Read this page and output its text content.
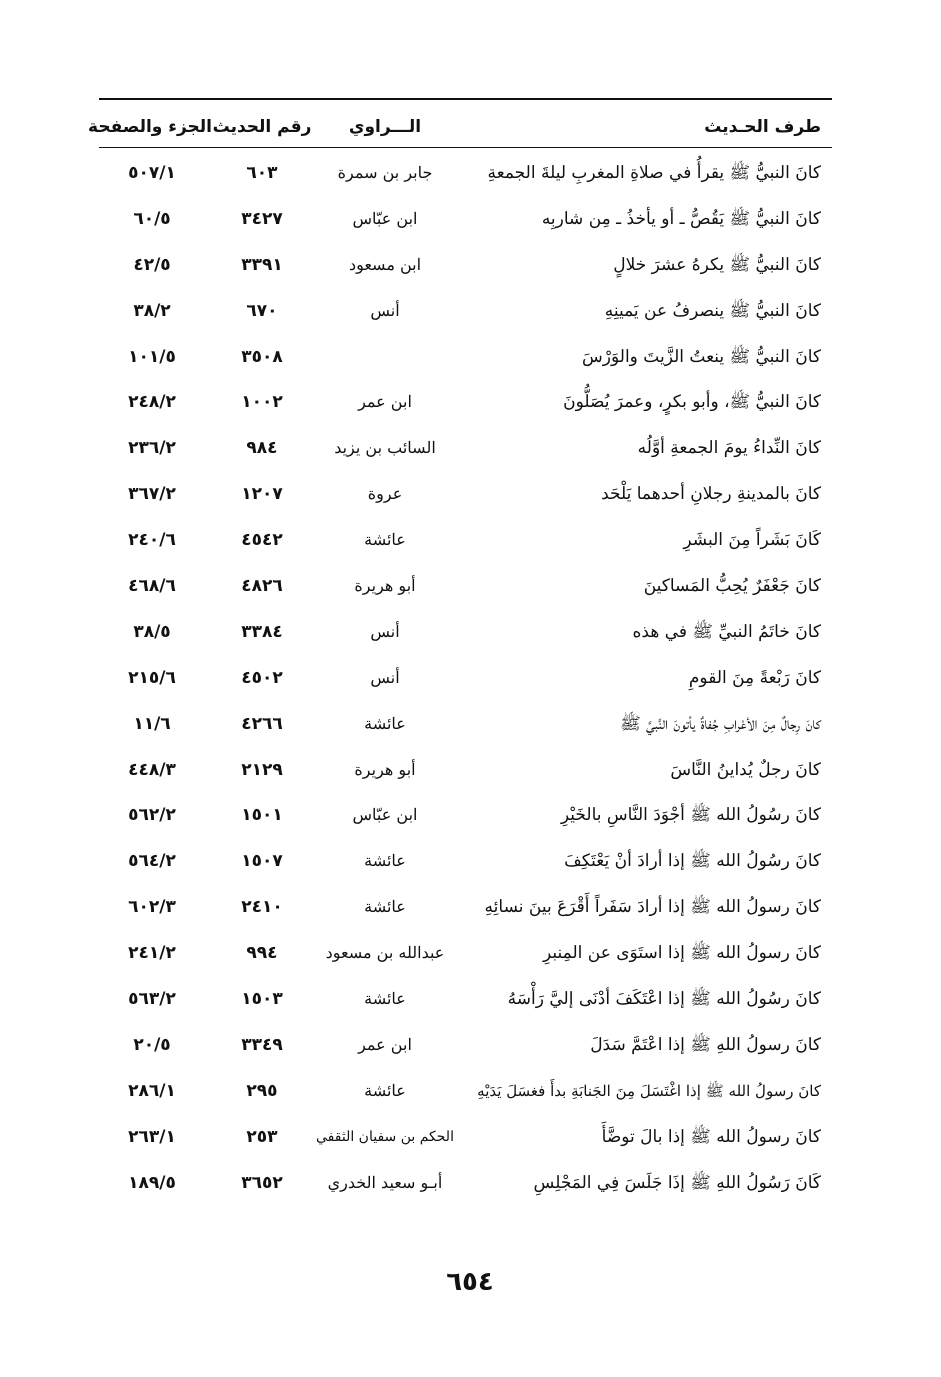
طرف الحـديث
الـــراوي
رقم الحديث
الجزء والصفحة
كانَ النبيُّ ﷺ يقرأُ في صلاةِ المغربِ ليلةَ الجمعةِ
جابر بن سمرة
٦٠٣
٥٠٧/١
كانَ النبيُّ ﷺ يَقُصُّ ـ أو يأخذُ ـ مِن شاربِه
ابن عبّاس
٣٤٢٧
٦٠/٥
كانَ النبيُّ ﷺ يكرهُ عشرَ خلالٍ
ابن مسعود
٣٣٩١
٤٢/٥
كانَ النبيُّ ﷺ ينصرفُ عن يَمينِهِ
أنس
٦٧٠
٣٨/٢
كانَ النبيُّ ﷺ ينعتُ الزَّيتَ والوَرْسَ
٣٥٠٨
١٠١/٥
كانَ النبيُّ ﷺ، وأبو بكرٍ، وعمرَ يُصَلُّونَ
ابن عمر
١٠٠٢
٢٤٨/٢
كانَ النِّداءُ يومَ الجمعةِ أوَّلُه
السائب بن يزيد
٩٨٤
٢٣٦/٢
كانَ بالمدينةِ رجلانِ أحدهما يَلْحَد
عروة
١٢٠٧
٣٦٧/٢
كَانَ بَشَراً مِنَ البشَرِ
عائشة
٤٥٤٢
٢٤٠/٦
كانَ جَعْفَرٌ يُحِبُّ المَساكينَ
أبو هريرة
٤٨٢٦
٤٦٨/٦
كانَ خاتَمُ النبيِّ ﷺ في هذه
أنس
٣٣٨٤
٣٨/٥
كانَ رَبْعةً مِنَ القومِ
أنس
٤٥٠٢
٢١٥/٦
كانَ رِجالٌ مِنَ الأعْرابِ جُفاةٌ يأتونَ النَّبيَّ ﷺ
عائشة
٤٢٦٦
١١/٦
كانَ رجلٌ يُداينُ النَّاسَ
أبو هريرة
٢١٢٩
٤٤٨/٣
كانَ رسُولُ الله ﷺ أجْوَدَ النَّاسِ بالخَيْرِ
ابن عبّاس
١٥٠١
٥٦٢/٢
كانَ رسُولُ الله ﷺ إذا أرادَ أنْ يَعْتَكِفَ
عائشة
١٥٠٧
٥٦٤/٢
كانَ رسولُ الله ﷺ إذا أرادَ سَفَراً أَقْرَعَ بينَ نسائِهِ
عائشة
٢٤١٠
٦٠٢/٣
كانَ رسولُ الله ﷺ إذا استَوَى عن المِنبرِ
عبدالله بن مسعود
٩٩٤
٢٤١/٢
كانَ رسُولُ الله ﷺ إذا اعْتَكَفَ أدْنَى إليَّ رَأْسَهُ
عائشة
١٥٠٣
٥٦٣/٢
كانَ رسولُ اللهِ ﷺ إذا اعْتَمَّ سَدَلَ
ابن عمر
٣٣٤٩
٢٠/٥
كانَ رسولُ الله ﷺ إذا اغْتَسَلَ مِنَ الجَنابَةِ بدأَ فغسَلَ يَدَيْهِ
عائشة
٢٩٥
٢٨٦/١
كانَ رسولُ الله ﷺ إذا بالَ توضَّأَ
الحكم بن سفيان الثقفي
٢٥٣
٢٦٣/١
كَانَ رَسُولُ اللهِ ﷺ إذَا جَلَسَ فِي المَجْلِسِ
أبـو سعيد الخدري
٣٦٥٢
١٨٩/٥
٦٥٤
